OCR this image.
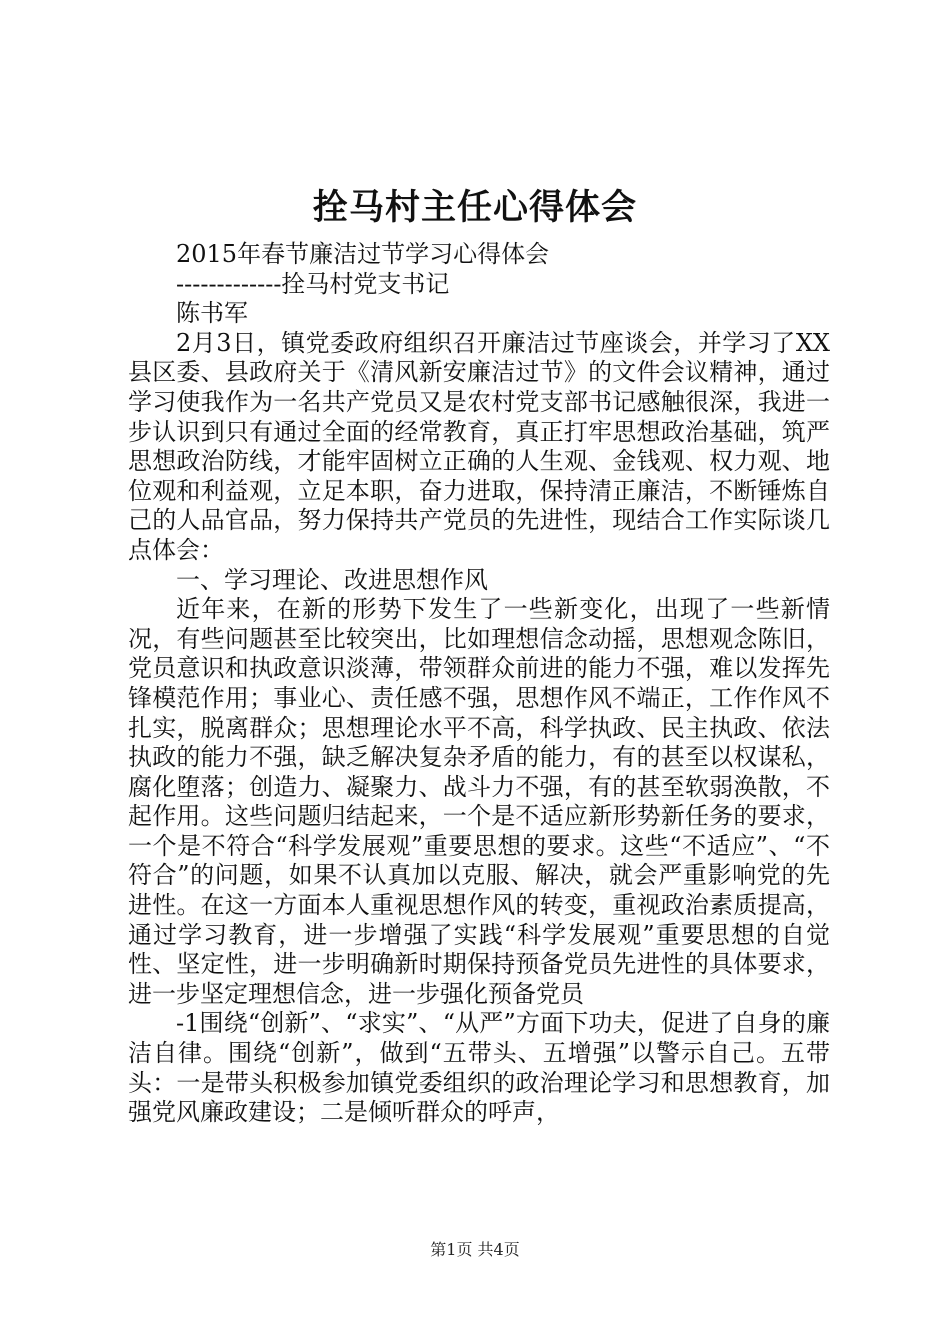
拴马村主任心得体会

2015年春节廉洁过节学习心得体会

-------------拴马村党支书记

陈书军

2月3日，镇党委政府组织召开廉洁过节座谈会，并学习了XX县区委、县政府关于《清风新安廉洁过节》的文件会议精神，通过学习使我作为一名共产党员又是农村党支部书记感触很深，我进一步认识到只有通过全面的经常教育，真正打牢思想政治基础，筑严思想政治防线，才能牢固树立正确的人生观、金钱观、权力观、地位观和利益观，立足本职，奋力进取，保持清正廉洁，不断锤炼自己的人品官品，努力保持共产党员的先进性，现结合工作实际谈几点体会：

一、学习理论、改进思想作风

近年来，在新的形势下发生了一些新变化，出现了一些新情况，有些问题甚至比较突出，比如理想信念动摇，思想观念陈旧，党员意识和执政意识淡薄，带领群众前进的能力不强，难以发挥先锋模范作用；事业心、责任感不强，思想作风不端正，工作作风不扎实，脱离群众；思想理论水平不高，科学执政、民主执政、依法执政的能力不强，缺乏解决复杂矛盾的能力，有的甚至以权谋私，腐化堕落；创造力、凝聚力、战斗力不强，有的甚至软弱涣散，不起作用。这些问题归结起来，一个是不适应新形势新任务的要求，一个是不符合“科学发展观”重要思想的要求。这些“不适应”、“不符合”的问题，如果不认真加以克服、解决，就会严重影响党的先进性。在这一方面本人重视思想作风的转变，重视政治素质提高，通过学习教育，进一步增强了实践“科学发展观”重要思想的自觉性、坚定性，进一步明确新时期保持预备党员先进性的具体要求，进一步坚定理想信念，进一步强化预备党员

-1围绕“创新”、“求实”、“从严”方面下功夫，促进了自身的廉洁自律。围绕“创新”，做到“五带头、五增强”以警示自己。五带头：一是带头积极参加镇党委组织的政治理论学习和思想教育，加强党风廉政建设；二是倾听群众的呼声，

第1页 共4页
